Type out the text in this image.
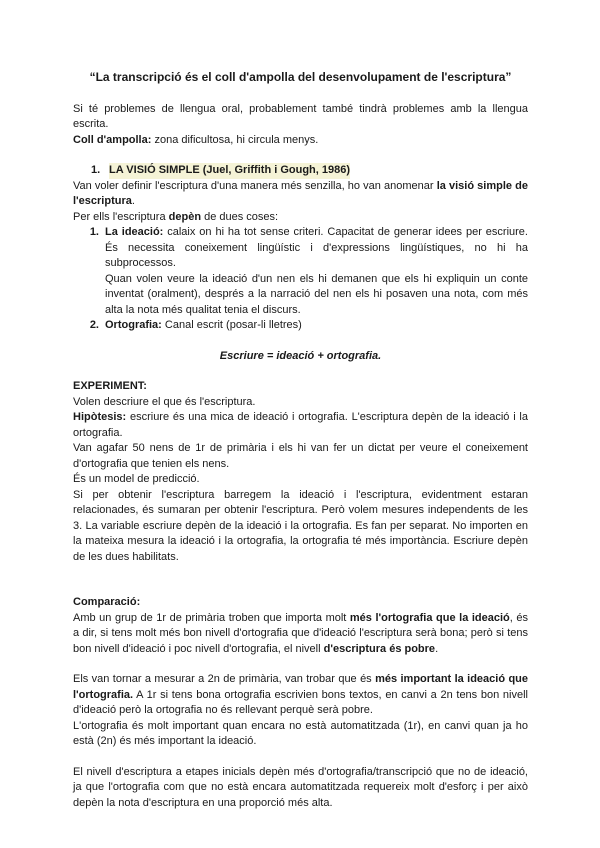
“La transcripció és el coll d'ampolla del desenvolupament de l'escriptura”

Si té problemes de llengua oral, probablement també tindrà problemes amb la llengua escrita.

Coll d'ampolla: zona dificultosa, hi circula menys.

1. LA VISIÓ SIMPLE (Juel, Griffith i Gough, 1986)

Van voler definir l'escriptura d'una manera més senzilla, ho van anomenar la visió simple de l'escriptura.

Per ells l'escriptura depèn de dues coses:

1. La ideació: calaix on hi ha tot sense criteri. Capacitat de generar idees per escriure. És necessita coneixement lingüístic i d'expressions lingüístiques, no hi ha subprocessos.

Quan volen veure la ideació d'un nen els hi demanen que els hi expliquin un conte inventat (oralment), després a la narració del nen els hi posaven una nota, com més alta la nota més qualitat tenia el discurs.

2. Ortografia: Canal escrit (posar-li lletres)

Escriure = ideació + ortografia.

EXPERIMENT:

Volen descriure el que és l'escriptura.

Hipòtesis: escriure és una mica de ideació i ortografia. L'escriptura depèn de la ideació i la ortografia.

Van agafar 50 nens de 1r de primària i els hi van fer un dictat per veure el coneixement d'ortografia que tenien els nens.

És un model de predicció.

Si per obtenir l'escriptura barregem la ideació i l'escriptura, evidentment estaran relacionades, és sumaran per obtenir l'escriptura. Però volem mesures independents de les 3. La variable escriure depèn de la ideació i la ortografia. Es fan per separat. No importen en la mateixa mesura la ideació i la ortografia, la ortografia té més importància. Escriure depèn de les dues habilitats.

Comparació:

Amb un grup de 1r de primària troben que importa molt més l'ortografia que la ideació, és a dir, si tens molt més bon nivell d'ortografia que d'ideació l'escriptura serà bona; però si tens bon nivell d'ideació i poc nivell d'ortografia, el nivell d'escriptura és pobre.

Els van tornar a mesurar a 2n de primària, van trobar que és més important la ideació que l'ortografia. A 1r si tens bona ortografia escrivien bons textos, en canvi a 2n tens bon nivell d'ideació però la ortografia no és rellevant perquè serà pobre.

L'ortografia és molt important quan encara no està automatitzada (1r), en canvi quan ja ho està (2n) és més important la ideació.

El nivell d'escriptura a etapes inicials depèn més d'ortografia/transcripció que no de ideació, ja que l'ortografia com que no està encara automatitzada requereix molt d'esforç i per això depèn la nota d'escriptura en una proporció més alta.
